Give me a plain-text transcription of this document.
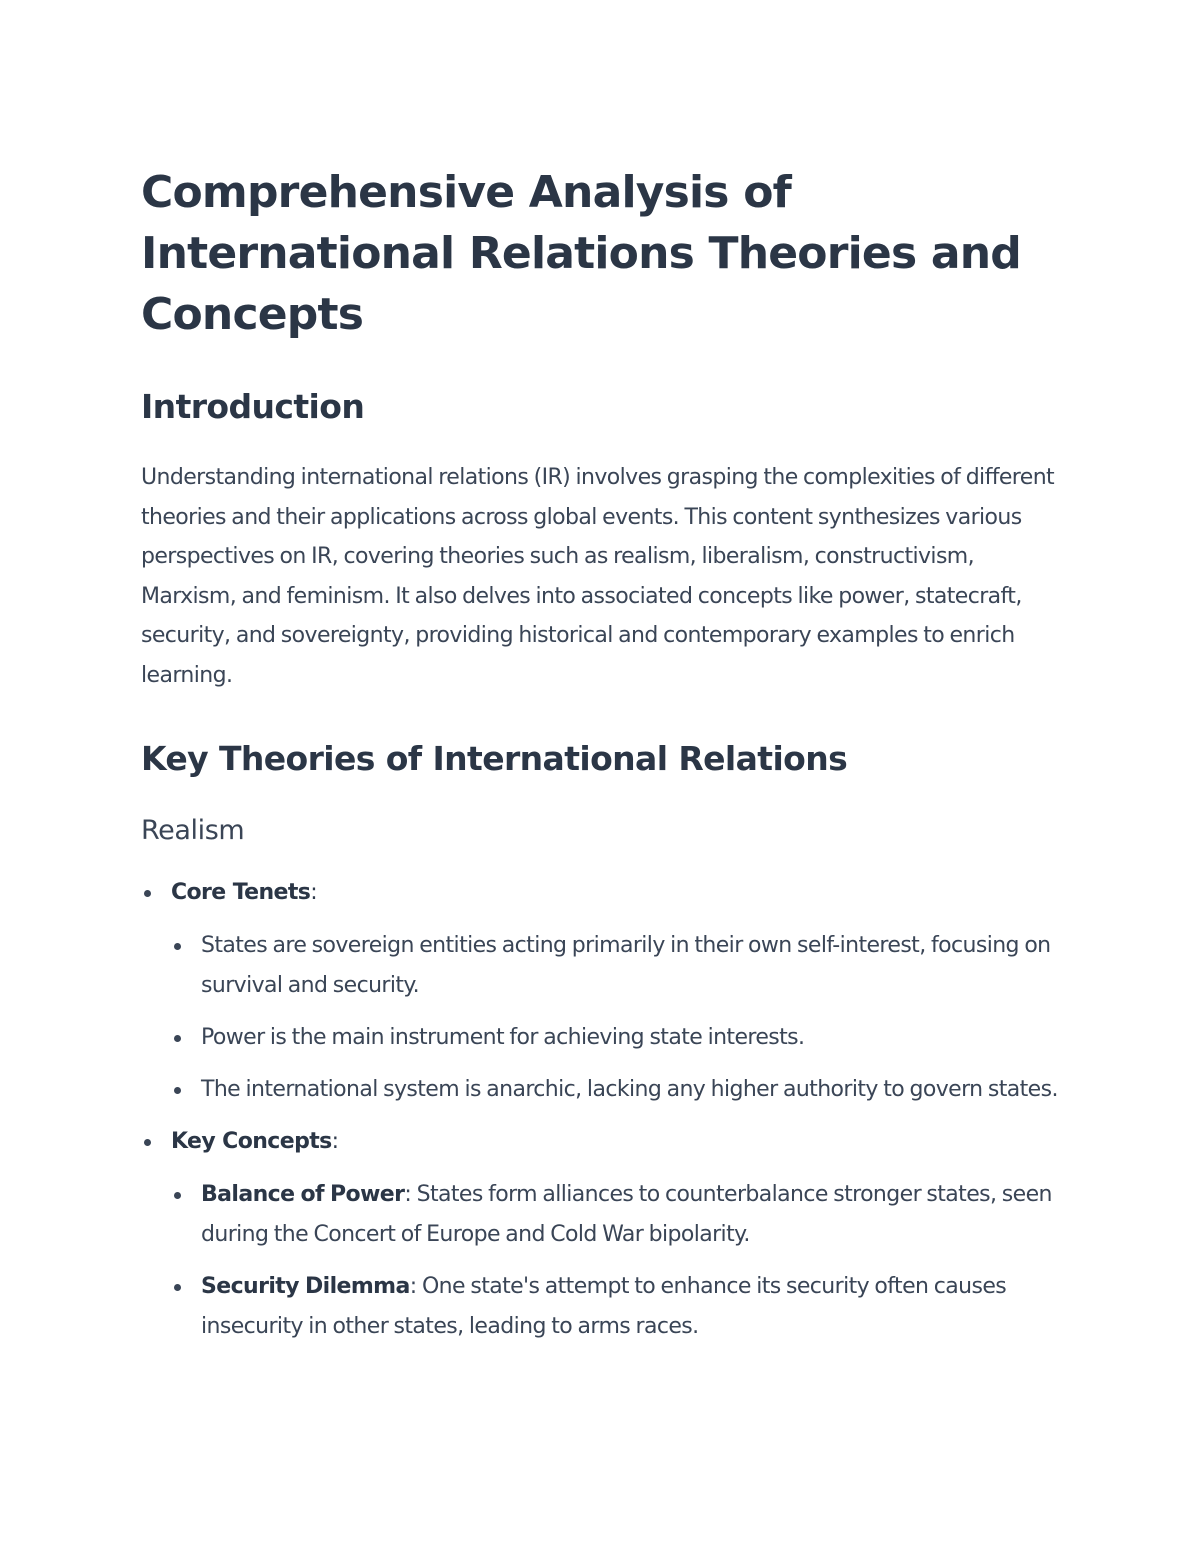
Comprehensive Analysis of International Relations Theories and Concepts
Introduction

Understanding international relations (IR) involves grasping the complexities of different theories and their applications across global events. This content synthesizes various perspectives on IR, covering theories such as realism, liberalism, constructivism, Marxism, and feminism. It also delves into associated concepts like power, statecraft, security, and sovereignty, providing historical and contemporary examples to enrich learning.

Key Theories of International Relations
Realism
Core Tenets:
States are sovereign entities acting primarily in their own self-interest, focusing on survival and security.
Power is the main instrument for achieving state interests.
The international system is anarchic, lacking any higher authority to govern states.
Key Concepts:
Balance of Power: States form alliances to counterbalance stronger states, seen during the Concert of Europe and Cold War bipolarity.
Security Dilemma: One state's attempt to enhance its security often causes insecurity in other states, leading to arms races.
